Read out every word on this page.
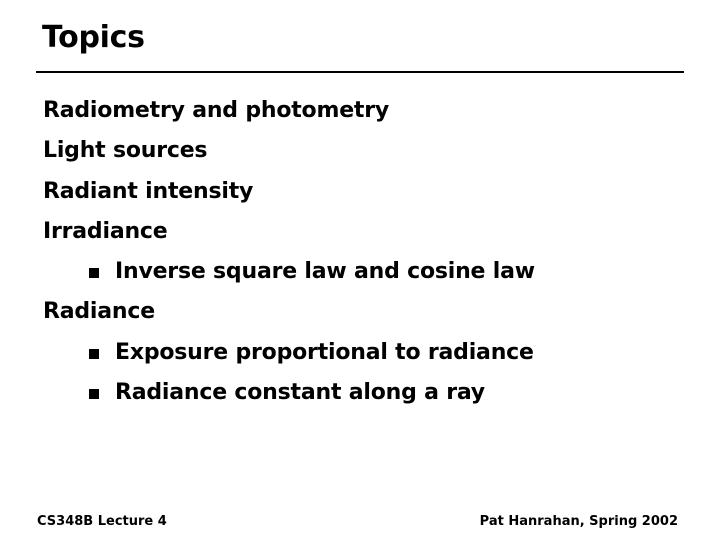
Topics
Radiometry and photometry
Light sources
Radiant intensity
Irradiance
Inverse square law and cosine law
Radiance
Exposure proportional to radiance
Radiance constant along a ray
CS348B Lecture 4	Pat Hanrahan, Spring 2002
